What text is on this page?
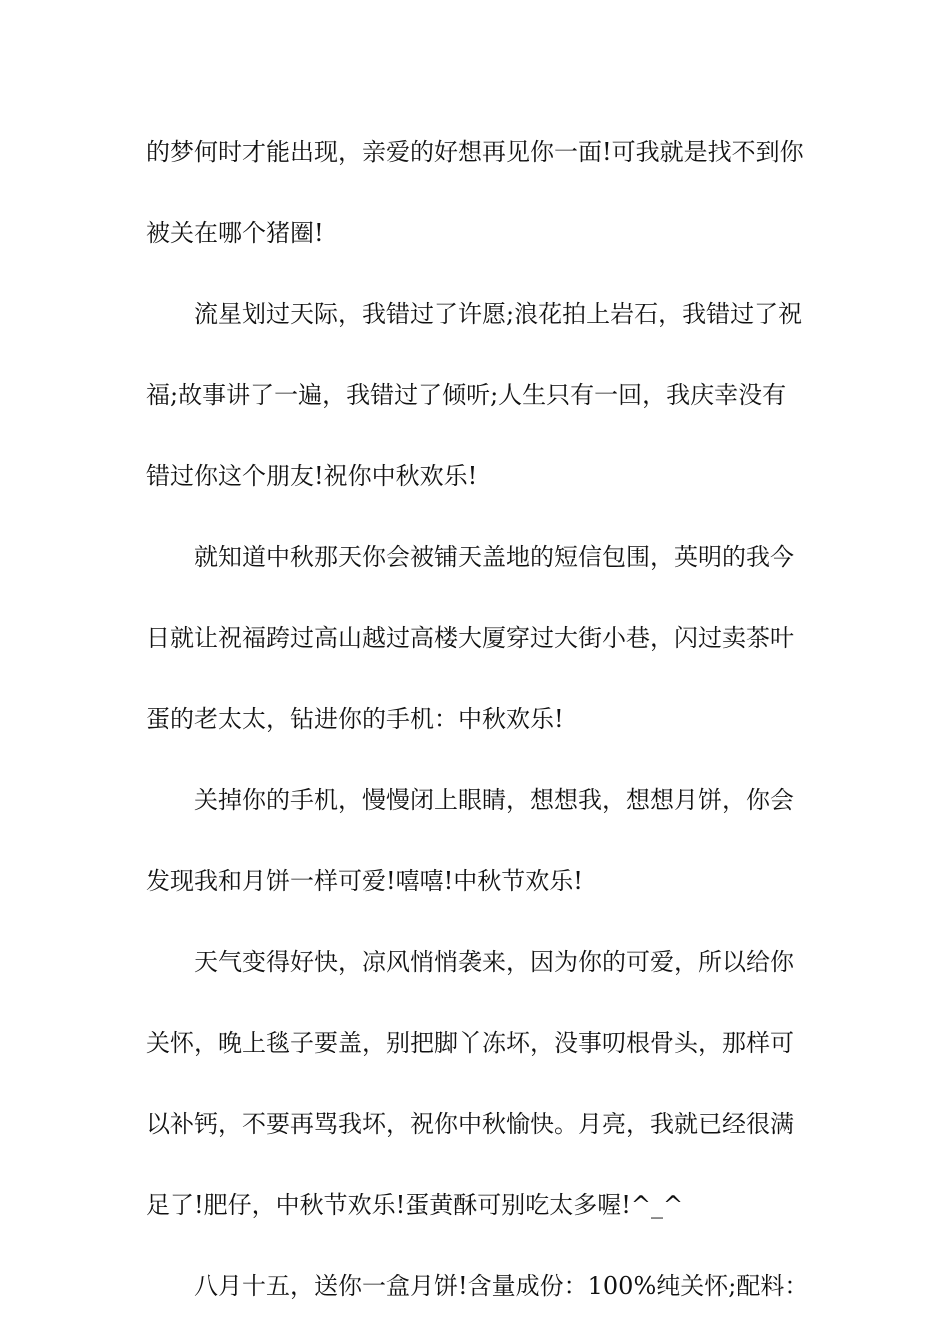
的梦何时才能出现，亲爱的好想再见你一面!可我就是找不到你
被关在哪个猪圈!
流星划过天际，我错过了许愿;浪花拍上岩石，我错过了祝
福;故事讲了一遍，我错过了倾听;人生只有一回，我庆幸没有
错过你这个朋友!祝你中秋欢乐!
就知道中秋那天你会被铺天盖地的短信包围，英明的我今
日就让祝福跨过高山越过高楼大厦穿过大街小巷，闪过卖茶叶
蛋的老太太，钻进你的手机：中秋欢乐!
关掉你的手机，慢慢闭上眼睛，想想我，想想月饼，你会
发现我和月饼一样可爱!嘻嘻!中秋节欢乐!
天气变得好快，凉风悄悄袭来，因为你的可爱，所以给你
关怀，晚上毯子要盖，别把脚丫冻坏，没事叨根骨头，那样可
以补钙，不要再骂我坏，祝你中秋愉快。月亮，我就已经很满
足了!肥仔，中秋节欢乐!蛋黄酥可别吃太多喔!^_^
八月十五，送你一盒月饼!含量成份：100%纯关怀;配料：
